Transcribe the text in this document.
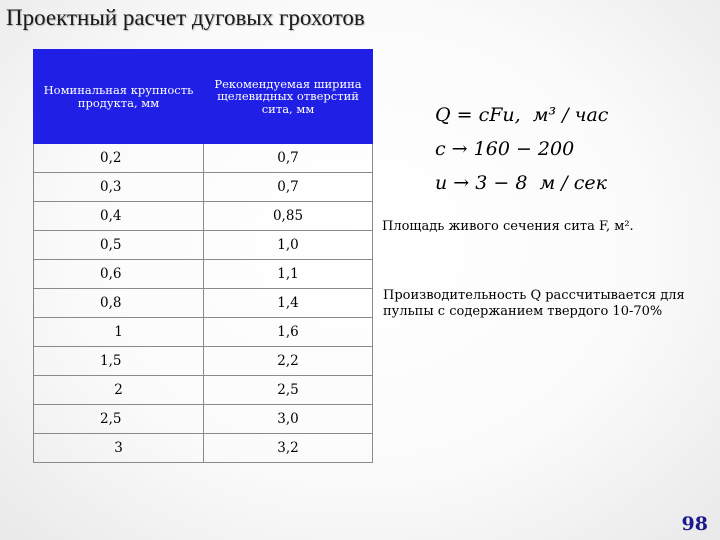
Проектный расчет дуговых грохотов
Номинальная крупность продукта, мм	Рекомендуемая ширина щелевидных отверстий сита, мм
0,2	0,7
0,3	0,7
0,4	0,85
0,5	1,0
0,6	1,1
0,8	1,4
1	1,6
1,5	2,2
2	2,5
2,5	3,0
3	3,2
Q = cFu, м³ / час
c → 160 − 200
u → 3 − 8 м / сек
Площадь живого сечения сита F, м².
Производительность Q рассчитывается для пульпы с содержанием твердого 10-70%
98
